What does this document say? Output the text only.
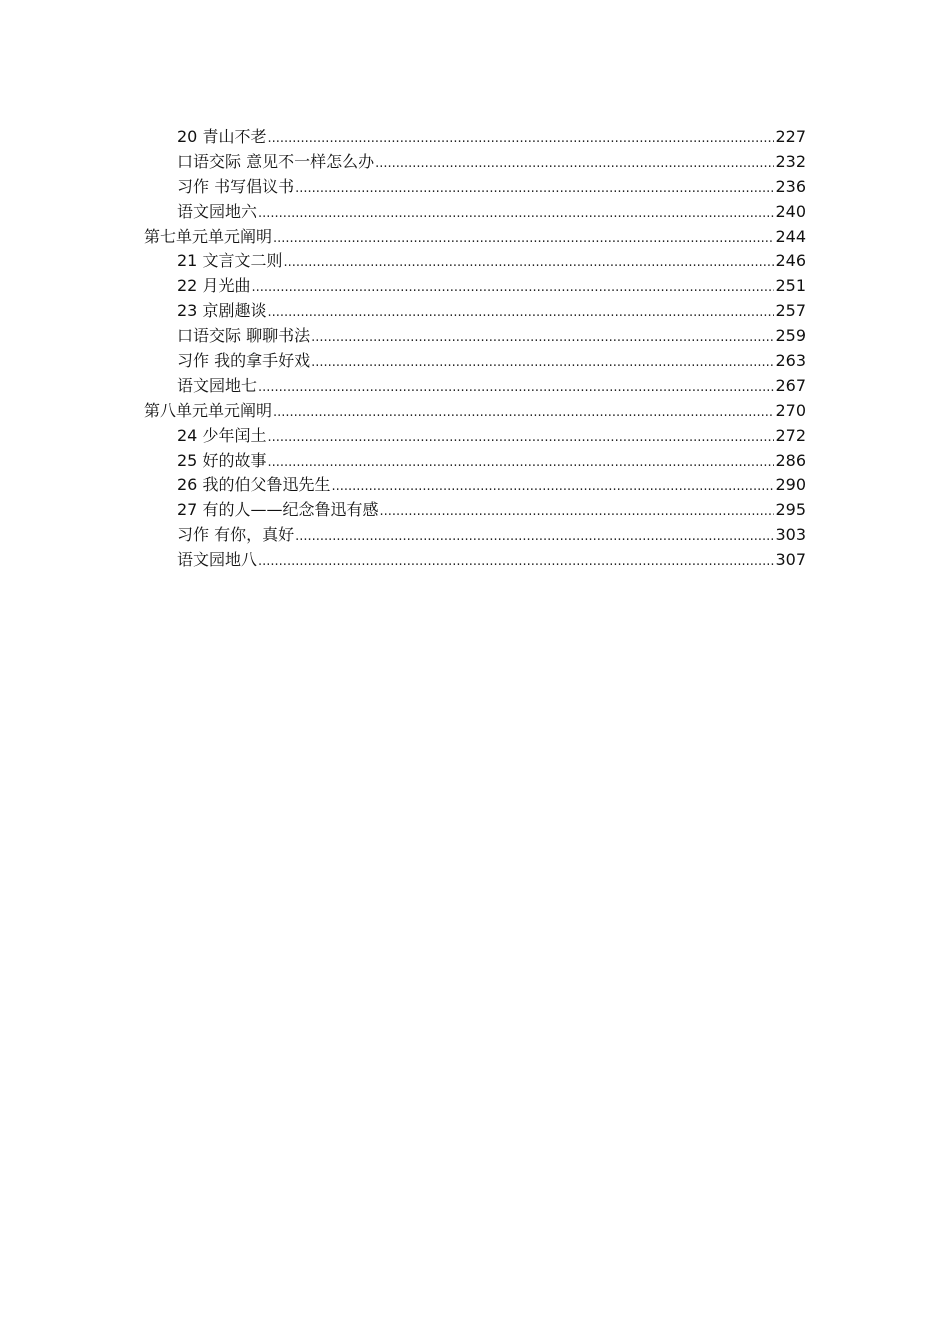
20 青山不老 .....	227
口语交际 意见不一样怎么办 .....	232
习作 书写倡议书 .....	236
语文园地六 .....	240
第七单元单元阐明 .....	244
21 文言文二则 .....	246
22 月光曲 .....	251
23 京剧趣谈 .....	257
口语交际 聊聊书法 .....	259
习作 我的拿手好戏 .....	263
语文园地七 .....	267
第八单元单元阐明 .....	270
24 少年闰土 .....	272
25 好的故事 .....	286
26 我的伯父鲁迅先生 .....	290
27 有的人——纪念鲁迅有感 .....	295
习作 有你，真好 .....	303
语文园地八 .....	307
